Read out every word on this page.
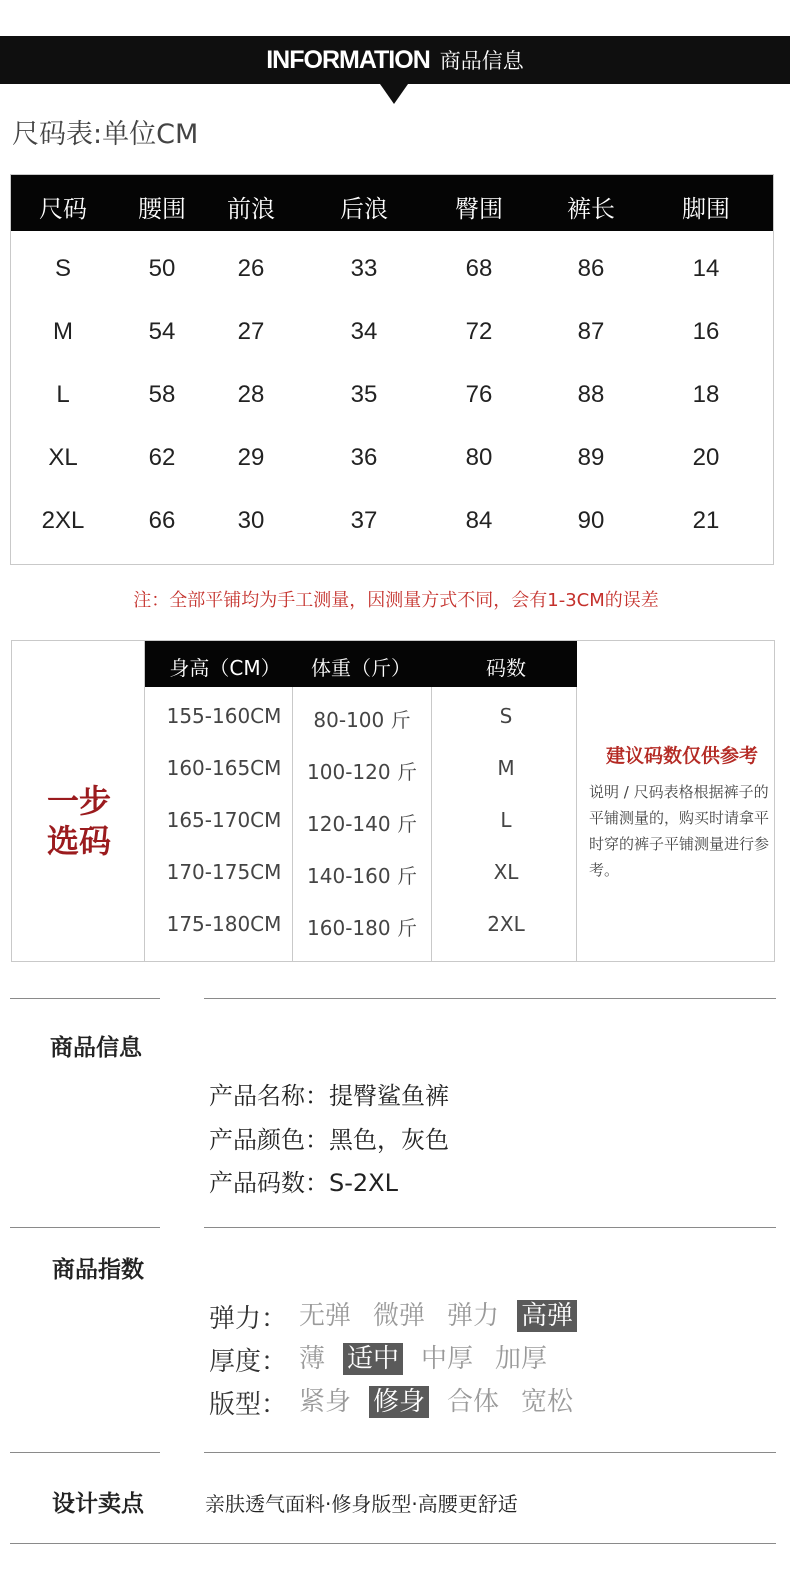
INFORMATION 商品信息
尺码表:单位CM
尺码 腰围 前浪	后浪	臀围	裤长	脚围
S	50	26	33	68	86	14
M	54	27	34	72	87	16
L	58	28	35	76	88	18
XL	62	29	36	80	89	20
2XL	66	30	37	84	90	21
注：全部平铺均为手工测量，因测量方式不同，会有1-3CM的误差
一步
选码
身高（CM） 体重（斤）	码数
155-160CM 80-100 斤	S
160-165CM 100-120 斤	M
165-170CM 120-140 斤	L
170-175CM 140-160 斤	XL
175-180CM 160-180 斤	2XL
建议码数仅供参考
说明 / 尺码表格根据裤子的平铺测量的，购买时请拿平时穿的裤子平铺测量进行参考。
商品信息
产品名称：提臀鲨鱼裤
产品颜色：黑色，灰色
产品码数：S-2XL
商品指数
弹力： 无弹 微弹 弹力 高弹
厚度： 薄 适中 中厚 加厚
版型： 紧身 修身 合体 宽松
设计卖点	亲肤透气面料·修身版型·高腰更舒适
